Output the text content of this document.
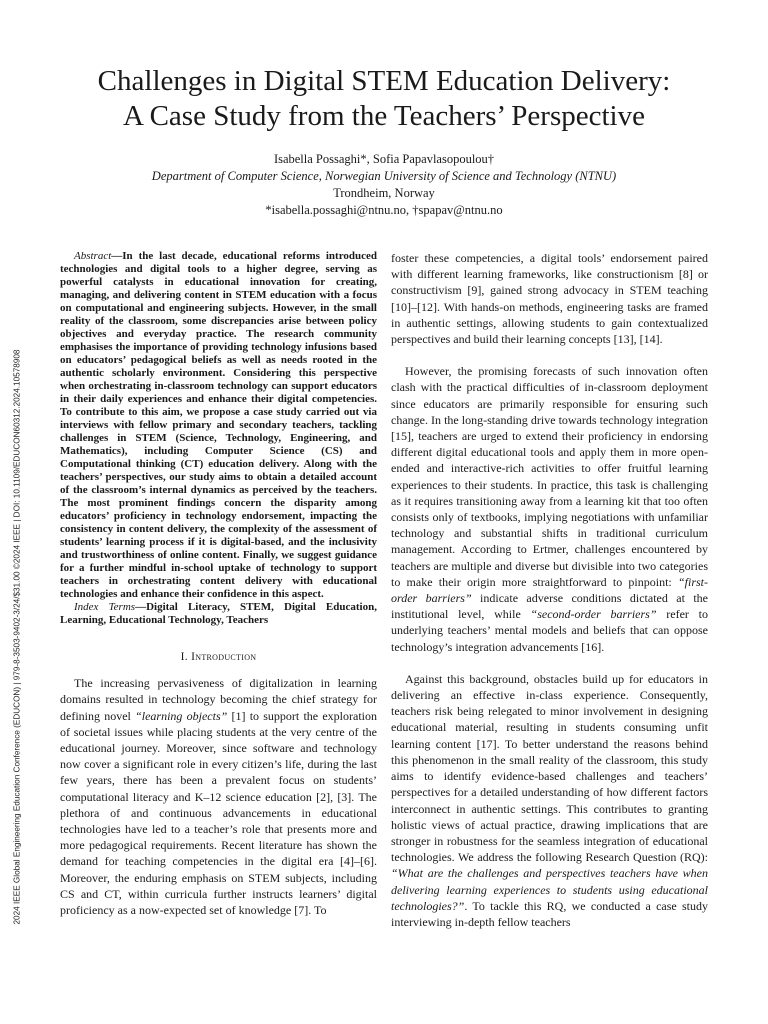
2024 IEEE Global Engineering Education Conference (EDUCON) | 979-8-3503-9402-3/24/$31.00 ©2024 IEEE | DOI: 10.1109/EDUCON60312.2024.10578908
Challenges in Digital STEM Education Delivery:
A Case Study from the Teachers’ Perspective
Isabella Possaghi*, Sofia Papavlasopoulou†
Department of Computer Science, Norwegian University of Science and Technology (NTNU)
Trondheim, Norway
*isabella.possaghi@ntnu.no, †spapav@ntnu.no

Abstract—In the last decade, educational reforms introduced technologies and digital tools to a higher degree, serving as powerful catalysts in educational innovation for creating, managing, and delivering content in STEM education with a focus on computational and engineering subjects. However, in the small reality of the classroom, some discrepancies arise between policy objectives and everyday practice. The research community emphasises the importance of providing technology infusions based on educators’ pedagogical beliefs as well as needs rooted in the authentic scholarly environment. Considering this perspective when orchestrating in-classroom technology can support educators in their daily experiences and enhance their digital competencies. To contribute to this aim, we propose a case study carried out via interviews with fellow primary and secondary teachers, tackling challenges in STEM (Science, Technology, Engineering, and Mathematics), including Computer Science (CS) and Computational thinking (CT) education delivery. Along with the teachers’ perspectives, our study aims to obtain a detailed account of the classroom’s internal dynamics as perceived by the teachers. The most prominent findings concern the disparity among educators’ proficiency in technology endorsement, impacting the consistency in content delivery, the complexity of the assessment of students’ learning process if it is digital-based, and the inclusivity and trustworthiness of online content. Finally, we suggest guidance for a further mindful in-school uptake of technology to support teachers in orchestrating content delivery with educational technologies and enhance their confidence in this aspect.

Index Terms—Digital Literacy, STEM, Digital Education, Learning, Educational Technology, Teachers

I. Introduction

The increasing pervasiveness of digitalization in learning domains resulted in technology becoming the chief strategy for defining novel “learning objects” [1] to support the exploration of societal issues while placing students at the very centre of the educational journey. Moreover, since software and technology now cover a significant role in every citizen’s life, during the last few years, there has been a prevalent focus on students’ computational literacy and K–12 science education [2], [3]. The plethora of and continuous advancements in educational technologies have led to a teacher’s role that presents more and more pedagogical requirements. Recent literature has shown the demand for teaching competencies in the digital era [4]–[6]. Moreover, the enduring emphasis on STEM subjects, including CS and CT, within curricula further instructs learners’ digital proficiency as a now-expected set of knowledge [7]. To

foster these competencies, a digital tools’ endorsement paired with different learning frameworks, like constructionism [8] or constructivism [9], gained strong advocacy in STEM teaching [10]–[12]. With hands-on methods, engineering tasks are framed in authentic settings, allowing students to gain contextualized perspectives and build their learning concepts [13], [14].

However, the promising forecasts of such innovation often clash with the practical difficulties of in-classroom deployment since educators are primarily responsible for ensuring such change. In the long-standing drive towards technology integration [15], teachers are urged to extend their proficiency in endorsing different digital educational tools and apply them in more open-ended and interactive-rich activities to offer fruitful learning experiences to their students. In practice, this task is challenging as it requires transitioning away from a learning kit that too often consists only of textbooks, implying negotiations with unfamiliar technology and substantial shifts in traditional curriculum management. According to Ertmer, challenges encountered by teachers are multiple and diverse but divisible into two categories to make their origin more straightforward to pinpoint: “first-order barriers” indicate adverse conditions dictated at the institutional level, while “second-order barriers” refer to underlying teachers’ mental models and beliefs that can oppose technology’s integration advancements [16].

Against this background, obstacles build up for educators in delivering an effective in-class experience. Consequently, teachers risk being relegated to minor involvement in designing educational material, resulting in students consuming unfit learning content [17]. To better understand the reasons behind this phenomenon in the small reality of the classroom, this study aims to identify evidence-based challenges and teachers’ perspectives for a detailed understanding of how different factors interconnect in authentic settings. This contributes to granting holistic views of actual practice, drawing implications that are stronger in robustness for the seamless integration of educational technologies. We address the following Research Question (RQ): “What are the challenges and perspectives teachers have when delivering learning experiences to students using educational technologies?”. To tackle this RQ, we conducted a case study interviewing in-depth fellow teachers
